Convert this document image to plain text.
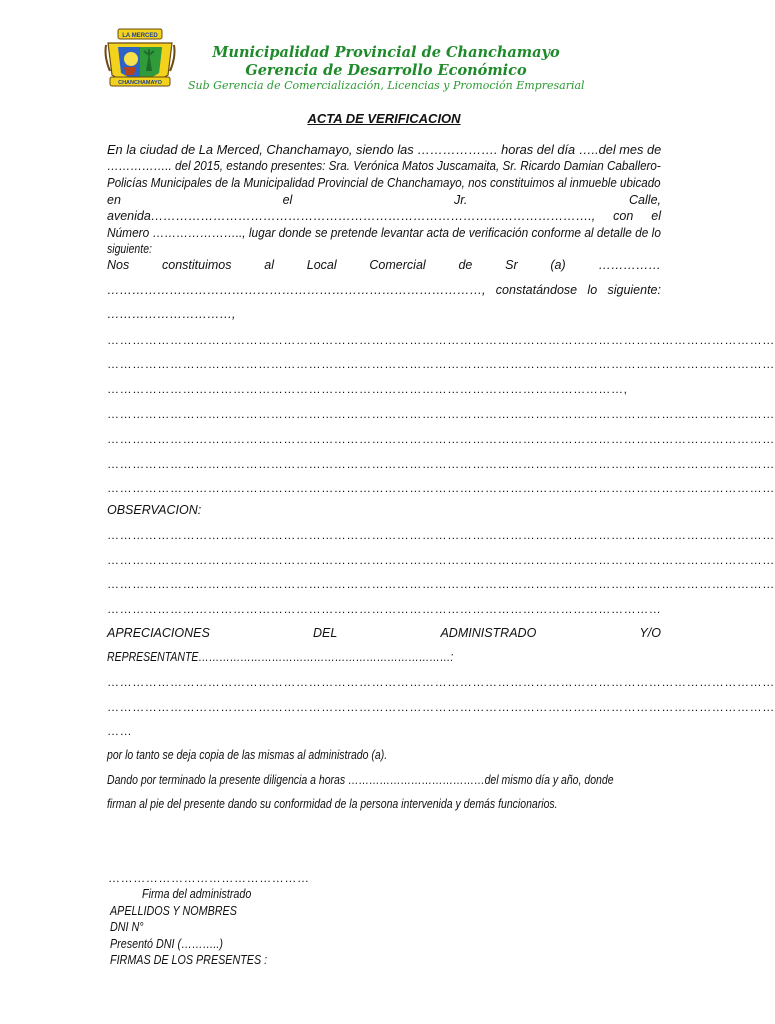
LA MERCED
CHANCHAMAYO
Municipalidad Provincial de Chanchamayo
Gerencia de Desarrollo Económico
Sub Gerencia de Comercialización, Licencias y Promoción Empresarial
ACTA DE VERIFICACION
En la ciudad de La Merced, Chanchamayo, siendo las ………………. horas del día …..del mes de
…………….. del 2015, estando presentes: Sra. Verónica Matos Juscamaita, Sr. Ricardo Damian Caballero-
Policías Municipales de la Municipalidad Provincial de Chanchamayo, nos constituimos al inmueble ubicado
en	el	Jr.	Calle,
avenida……………………………………………………………………………………………., con el
Número ………………….., lugar donde se pretende levantar acta de verificación conforme al detalle de lo
siguiente:
Nos	constituimos	al	Local	Comercial	de	Sr	(a)	……………
………………………………………………………………………………, constatándose lo siguiente:
…………………………,
……………………………………………………………………………………………………………………………………………
……………………………………………………………………………………………………………………………………………
……………………………………………………………………………………………………………,
……………………………………………………………………………………………………………………………………………
……………………………………………………………………………………………………………………………………………
……………………………………………………………………………………………………………………………………………
……………………………………………………………………………………………………………………………………………
OBSERVACION:
……………………………………………………………………………………………………………………………………………
……………………………………………………………………………………………………………………………………………
……………………………………………………………………………………………………………………………………………
……………………………………………………………………………………………………………………
APRECIACIONES	DEL	ADMINISTRADO	Y/O
REPRESENTANTE………………………………………………………………:
……………………………………………………………………………………………………………………………………………
……………………………………………………………………………………………………………………………………………
……
por lo tanto se deja copia de las mismas al administrado (a).
Dando por terminado la presente diligencia a horas …………………………………del mismo día y año, donde
firman al pie del presente dando su conformidad de la persona intervenida y demás funcionarios.
…………………………………………
Firma del administrado
APELLIDOS Y NOMBRES
DNI N°
Presentó DNI (………..)
FIRMAS DE LOS PRESENTES :
